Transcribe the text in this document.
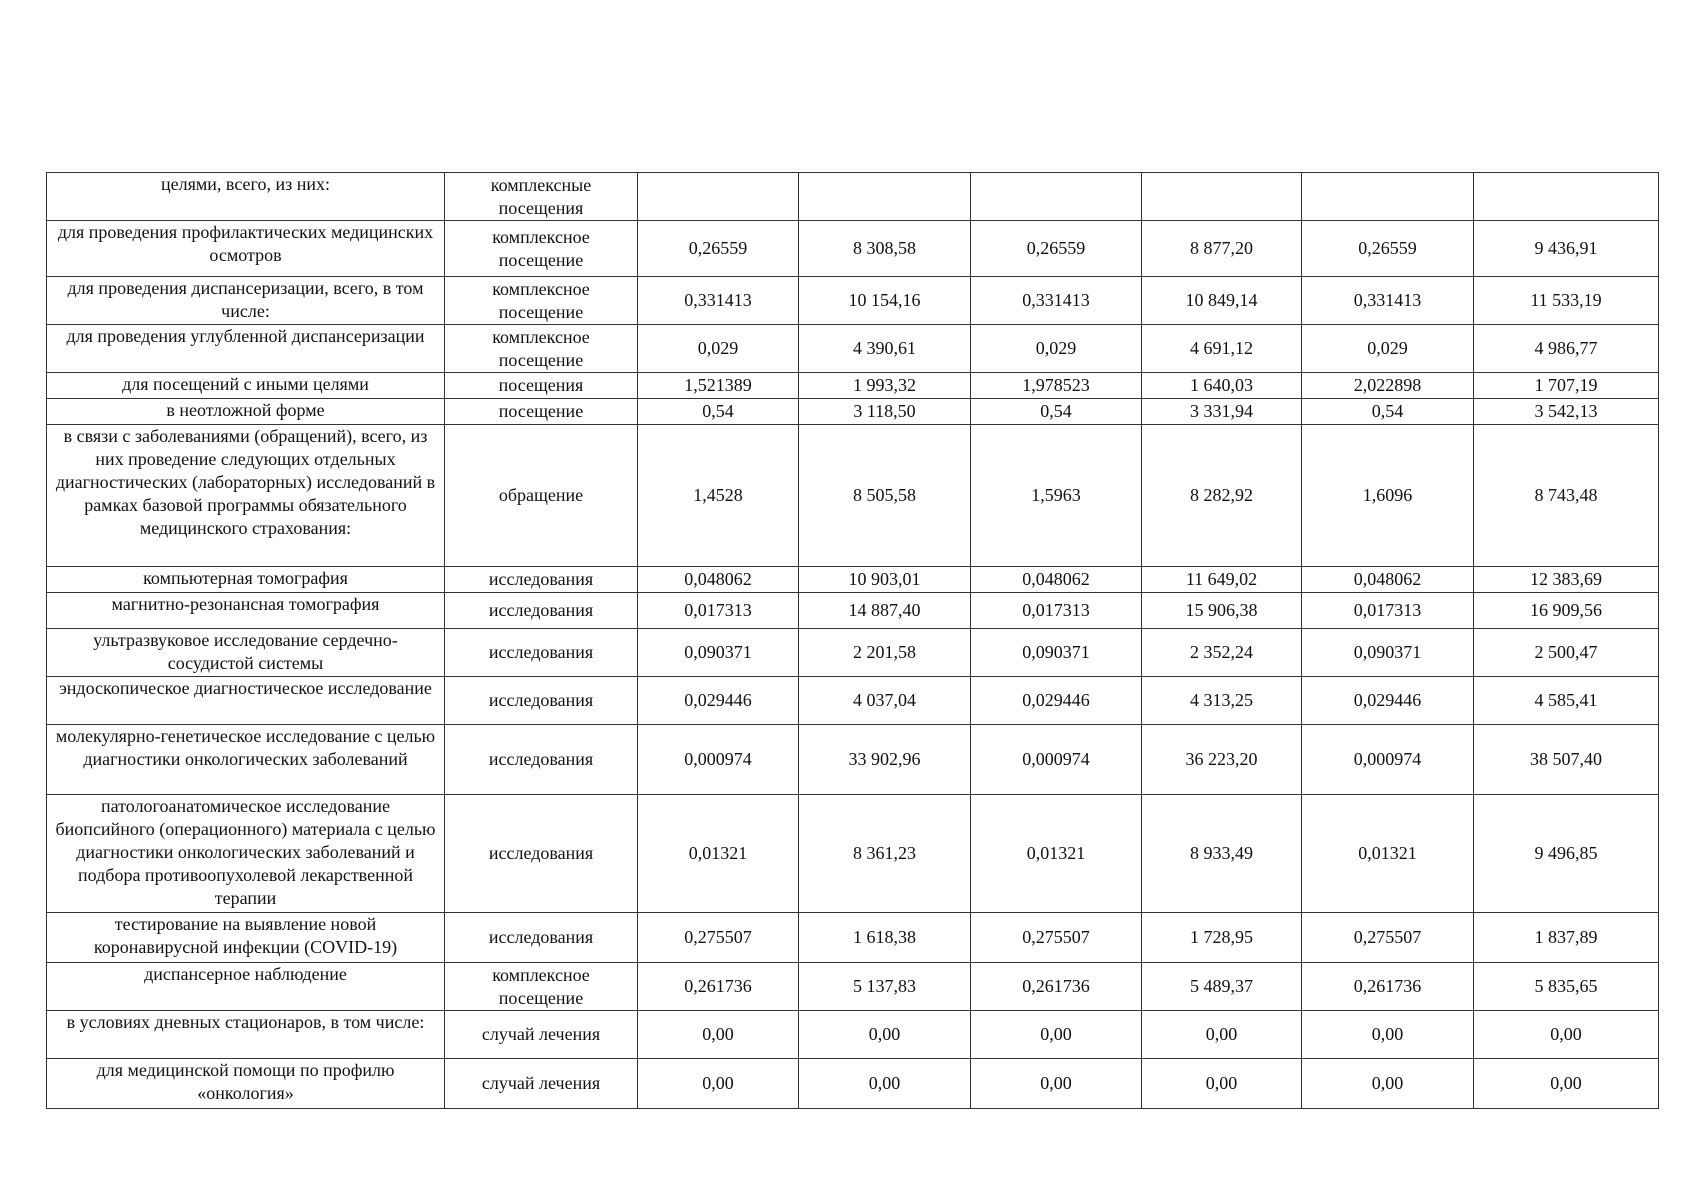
целями, всего, из них:	комплексные посещения						
для проведения профилактических медицинских осмотров	комплексное посещение	0,26559	8 308,58	0,26559	8 877,20	0,26559	9 436,91
для проведения диспансеризации, всего, в том числе:	комплексное посещение	0,331413	10 154,16	0,331413	10 849,14	0,331413	11 533,19
для проведения углубленной диспансеризации	комплексное посещение	0,029	4 390,61	0,029	4 691,12	0,029	4 986,77
для посещений с иными целями	посещения	1,521389	1 993,32	1,978523	1 640,03	2,022898	1 707,19
в неотложной форме	посещение	0,54	3 118,50	0,54	3 331,94	0,54	3 542,13
в связи с заболеваниями (обращений), всего, из них проведение следующих отдельных диагностических (лабораторных) исследований в рамках базовой программы обязательного медицинского страхования:	обращение	1,4528	8 505,58	1,5963	8 282,92	1,6096	8 743,48
компьютерная томография	исследования	0,048062	10 903,01	0,048062	11 649,02	0,048062	12 383,69
магнитно-резонансная томография	исследования	0,017313	14 887,40	0,017313	15 906,38	0,017313	16 909,56
ультразвуковое исследование сердечно-сосудистой системы	исследования	0,090371	2 201,58	0,090371	2 352,24	0,090371	2 500,47
эндоскопическое диагностическое исследование	исследования	0,029446	4 037,04	0,029446	4 313,25	0,029446	4 585,41
молекулярно-генетическое исследование с целью диагностики онкологических заболеваний	исследования	0,000974	33 902,96	0,000974	36 223,20	0,000974	38 507,40
патологоанатомическое исследование биопсийного (операционного) материала с целью диагностики онкологических заболеваний и подбора противоопухолевой лекарственной терапии	исследования	0,01321	8 361,23	0,01321	8 933,49	0,01321	9 496,85
тестирование на выявление новой коронавирусной инфекции (COVID-19)	исследования	0,275507	1 618,38	0,275507	1 728,95	0,275507	1 837,89
диспансерное наблюдение	комплексное посещение	0,261736	5 137,83	0,261736	5 489,37	0,261736	5 835,65
в условиях дневных стационаров, в том числе:	случай лечения	0,00	0,00	0,00	0,00	0,00	0,00
для медицинской помощи по профилю «онкология»	случай лечения	0,00	0,00	0,00	0,00	0,00	0,00
